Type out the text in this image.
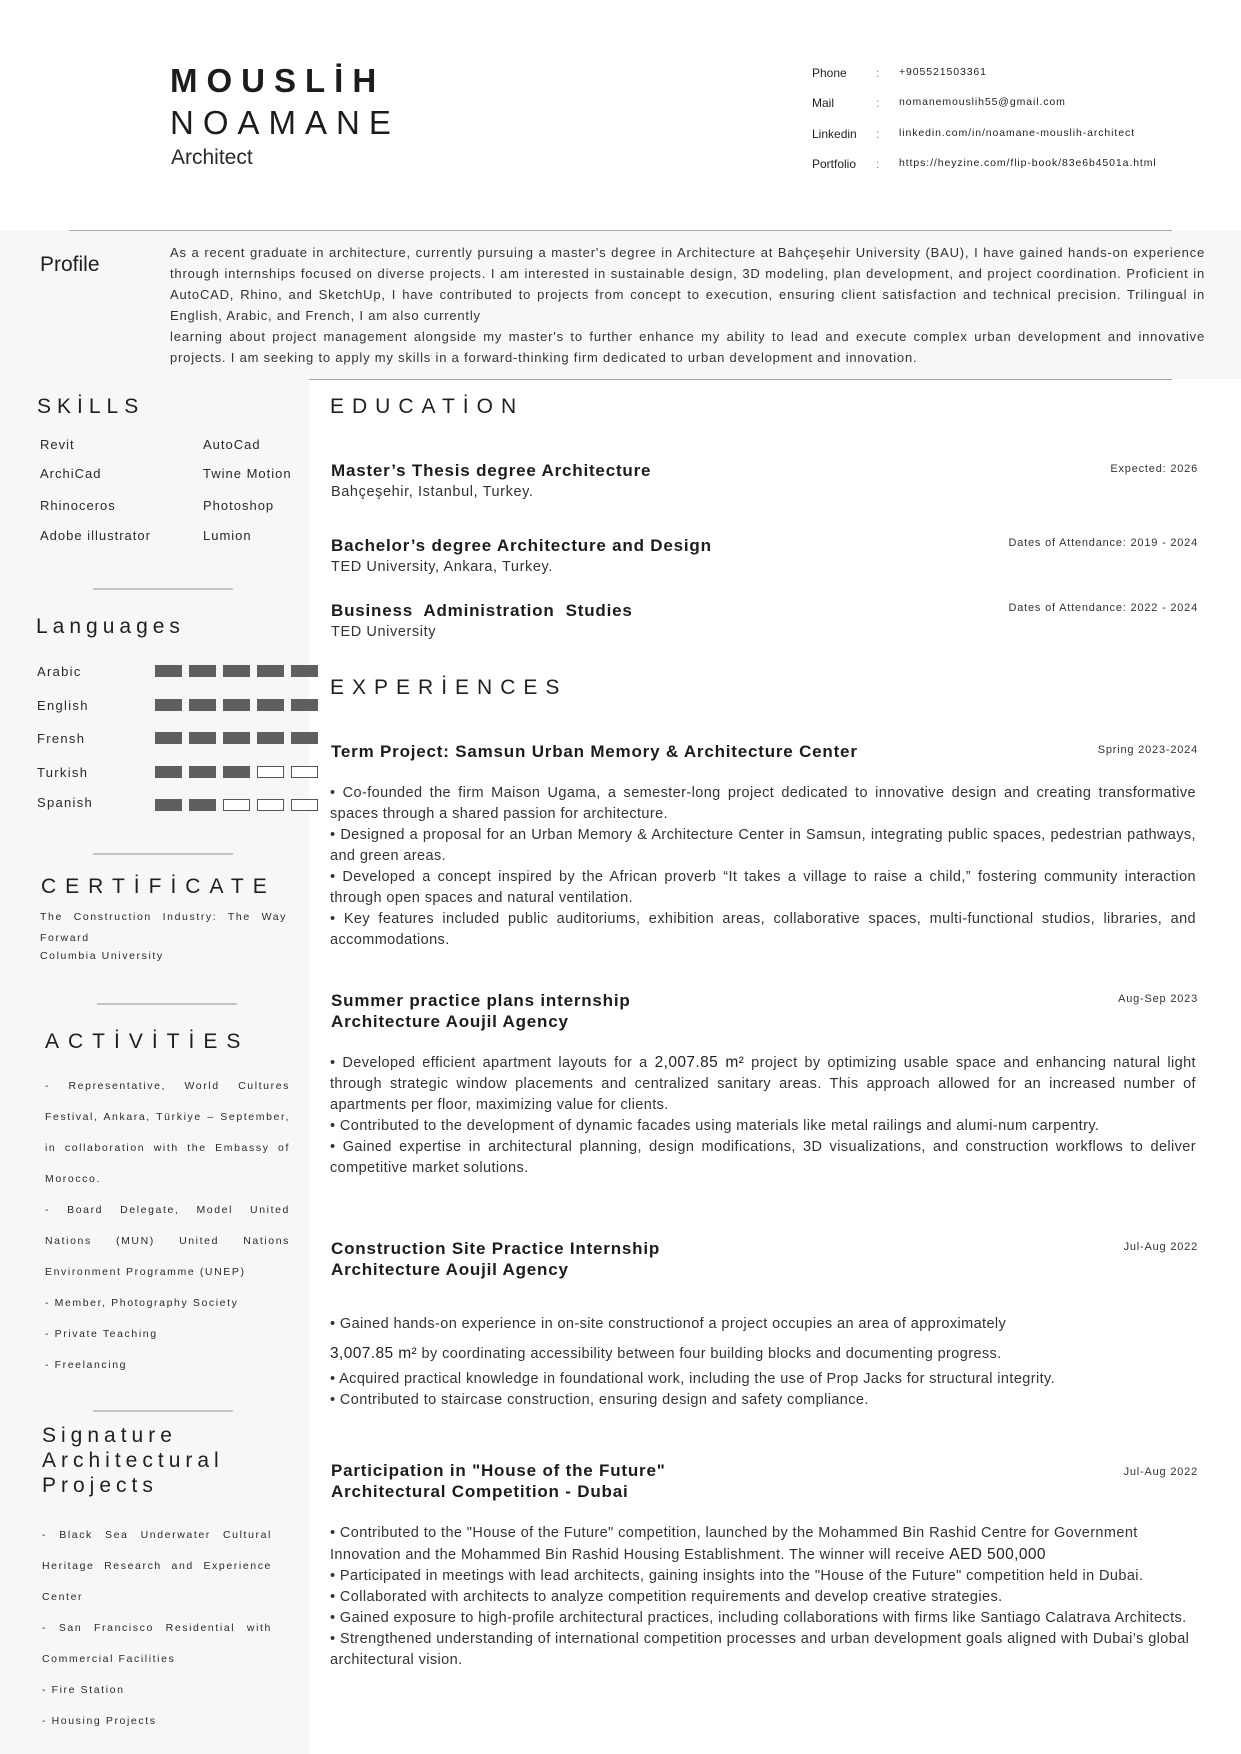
MOUSLİH
NOAMANE
Architect
Phone : +905521503361
Mail	: nomanemouslih55@gmail.com
Linkedin : linkedin.com/in/noamane-mouslih-architect
Portfolio : https://heyzine.com/flip-book/83e6b4501a.html
Profile
As a recent graduate in architecture, currently pursuing a master's degree in Architecture at Bahçeşehir University (BAU), I have gained hands-on experience through internships focused on diverse projects. I am interested in sustainable design, 3D modeling, plan development, and project coordination. Proficient in AutoCAD, Rhino, and SketchUp, I have contributed to projects from concept to execution, ensuring client satisfaction and technical precision. Trilingual in English, Arabic, and French, I am also currently
learning about project management alongside my master's to further enhance my ability to lead and execute complex urban development and innovative projects. I am seeking to apply my skills in a forward-thinking firm dedicated to urban development and innovation.
SKİLLS
Revit	AutoCad
ArchiCad	Twine Motion
Rhinoceros	Photoshop
Adobe illustrator	Lumion
Languages
Arabic
English
Frensh
Turkish
Spanish
CERTİFİCATE
The Construction Industry: The Way Forward
Columbia University
ACTİVİTİES
- Representative, World Cultures Festival, Ankara, Türkiye – September, in collaboration with the Embassy of Morocco.
- Board Delegate, Model United Nations (MUN) United Nations Environment Programme (UNEP)
- Member, Photography Society
- Private Teaching
- Freelancing
Signature
Architectural
Projects
- Black Sea Underwater Cultural Heritage Research and Experience Center
- San Francisco Residential with Commercial Facilities
- Fire Station
- Housing Projects
EDUCATİON
Master’s Thesis degree Architecture
Bahçeşehir, Istanbul, Turkey.
Expected: 2026
Bachelor’s degree Architecture and Design
TED University, Ankara, Turkey.
Dates of Attendance: 2019 - 2024
Business  Administration  Studies
TED University
Dates of Attendance: 2022 - 2024
EXPERİENCES
Term Project: Samsun Urban Memory & Architecture Center	Spring 2023-2024

• Co-founded the firm Maison Ugama, a semester-long project dedicated to innovative design and creating transformative spaces through a shared passion for architecture.

• Designed a proposal for an Urban Memory & Architecture Center in Samsun, integrating public spaces, pedestrian pathways, and green areas.

• Developed a concept inspired by the African proverb “It takes a village to raise a child,” fostering community interaction through open spaces and natural ventilation.

• Key features included public auditoriums, exhibition areas, collaborative spaces, multi-functional studios, libraries, and accommodations.

Summer practice plans internship
Architecture Aoujil Agency
Aug-Sep 2023

• Developed efficient apartment layouts for a 2,007.85 m² project by optimizing usable space and enhancing natural light through strategic window placements and centralized sanitary areas. This approach allowed for an increased number of apartments per floor, maximizing value for clients.

• Contributed to the development of dynamic facades using materials like metal railings and alumi-num carpentry.

• Gained expertise in architectural planning, design modifications, 3D visualizations, and construction workflows to deliver competitive market solutions.

Construction Site Practice Internship
Architecture Aoujil Agency
Jul-Aug 2022

• Gained hands-on experience in on-site constructionof a project occupies an area of approximately
3,007.85 m² by coordinating accessibility between four building blocks and documenting progress.

• Acquired practical knowledge in foundational work, including the use of Prop Jacks for structural integrity.

• Contributed to staircase construction, ensuring design and safety compliance.

Participation in "House of the Future"
Architectural Competition - Dubai
Jul-Aug 2022

• Contributed to the "House of the Future" competition, launched by the Mohammed Bin Rashid Centre for Government Innovation and the Mohammed Bin Rashid Housing Establishment. The winner will receive AED 500,000

• Participated in meetings with lead architects, gaining insights into the "House of the Future" competition held in Dubai.

• Collaborated with architects to analyze competition requirements and develop creative strategies.

• Gained exposure to high-profile architectural practices, including collaborations with firms like Santiago Calatrava Architects.

• Strengthened understanding of international competition processes and urban development goals aligned with Dubai’s global architectural vision.
